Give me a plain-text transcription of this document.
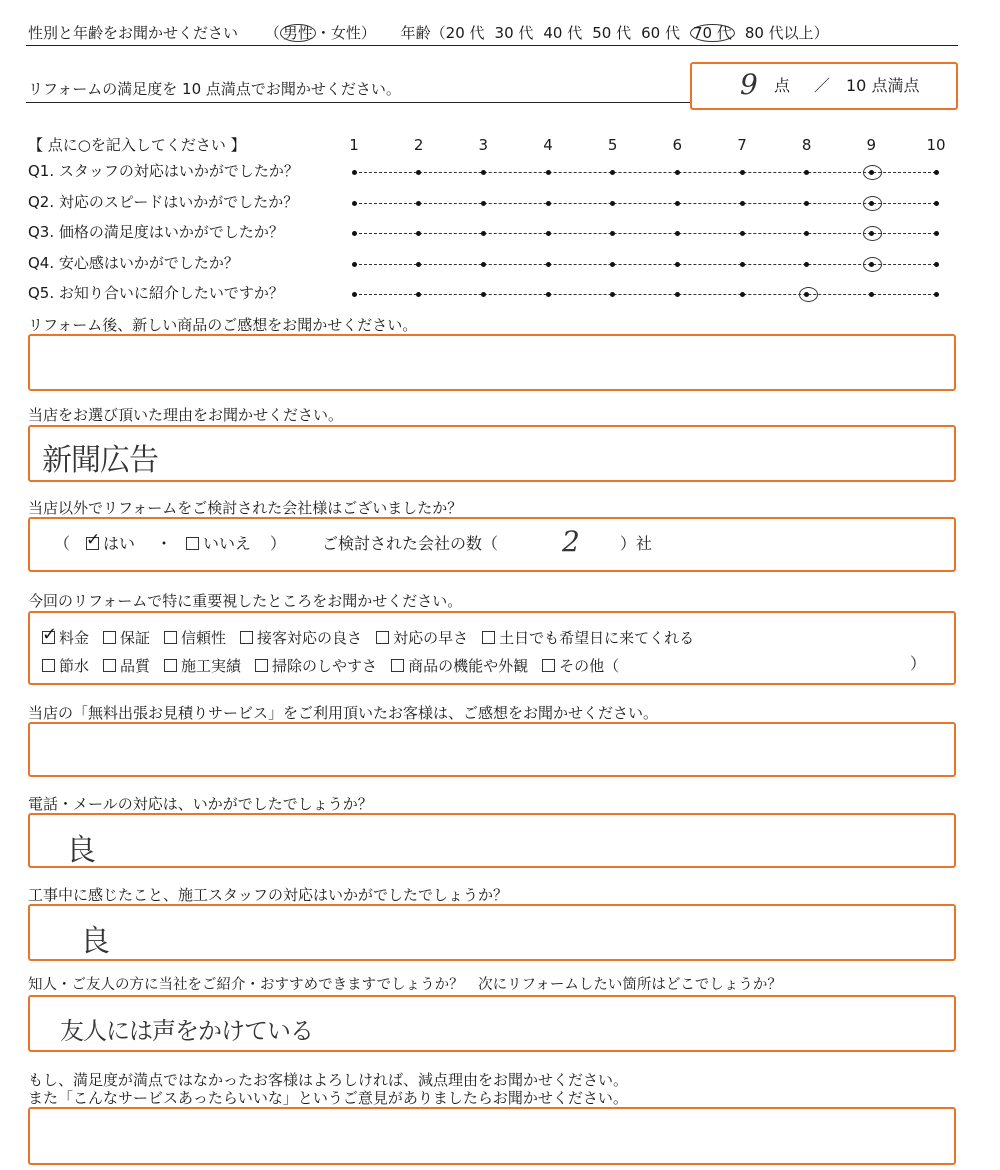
性別と年齢をお聞かせください （ 男性 ・女性） 年齢（20 代 30 代 40 代 50 代 60 代 70 代 80 代以上）
リフォームの満足度を 10 点満点でお聞かせください。	9 点 ／ 10 点満点
【 点に○を記入してください 】	1	2	3	4	5	6	7	8	9	10
Q1. スタッフの対応はいかがでしたか？
Q2. 対応のスピードはいかがでしたか？
Q3. 価格の満足度はいかがでしたか？
Q4. 安心感はいかがでしたか？
Q5. お知り合いに紹介したいですか？
リフォーム後、新しい商品のご感想をお聞かせください。
当店をお選び頂いた理由をお聞かせください。
新聞広告
当店以外でリフォームをご検討された会社様はございましたか？
（ ✓ はい ・	いいえ ） ご検討された会社の数（ 2	）社
今回のリフォームで特に重要視したところをお聞かせください。
✓ 料金 保証 信頼性 接客対応の良さ 対応の早さ 土日でも希望日に来てくれる
節水 品質 施工実績 掃除のしやすさ 商品の機能や外観 その他（	）
当店の「無料出張お見積りサービス」をご利用頂いたお客様は、ご感想をお聞かせください。
電話・メールの対応は、いかがでしたでしょうか？
良
工事中に感じたこと、施工スタッフの対応はいかがでしたでしょうか？
良
知人・ご友人の方に当社をご紹介・おすすめできますでしょうか？　次にリフォームしたい箇所はどこでしょうか？
友人には声をかけている
もし、満足度が満点ではなかったお客様はよろしければ、減点理由をお聞かせください。
また「こんなサービスあったらいいな」というご意見がありましたらお聞かせください。
